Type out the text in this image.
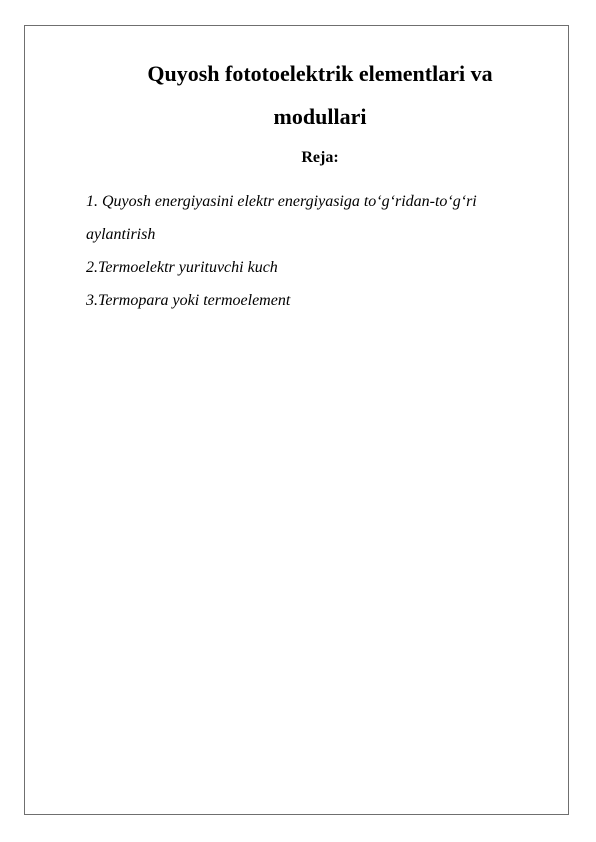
Quyosh fototoelektrik elementlari va
modullari
Reja:
1. Quyosh energiyasini elektr energiyasiga to‘g‘ridan-to‘g‘ri
aylantirish
2.Termoelektr yurituvchi kuch
3.Termopara yoki termoelement
